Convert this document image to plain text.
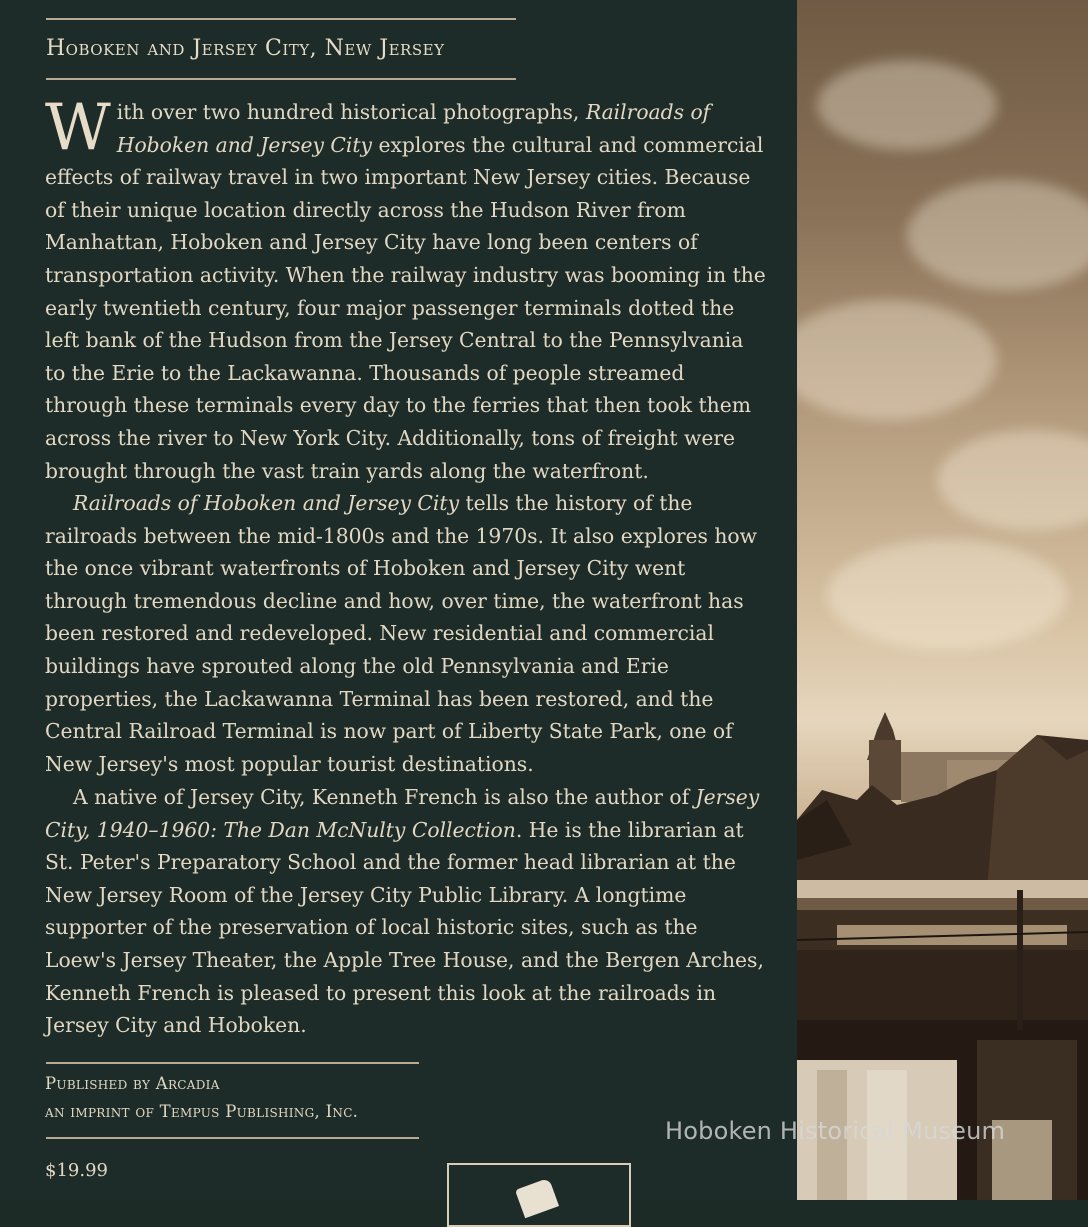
Hoboken and Jersey City, New Jersey
With over two hundred historical photographs, Railroads of Hoboken and Jersey City explores the cultural and commercial effects of railway travel in two important New Jersey cities. Because of their unique location directly across the Hudson River from Manhattan, Hoboken and Jersey City have long been centers of transportation activity. When the railway industry was booming in the early twentieth century, four major passenger terminals dotted the left bank of the Hudson from the Jersey Central to the Pennsylvania to the Erie to the Lackawanna. Thousands of people streamed through these terminals every day to the ferries that then took them across the river to New York City. Additionally, tons of freight were brought through the vast train yards along the waterfront.
Railroads of Hoboken and Jersey City tells the history of the railroads between the mid-1800s and the 1970s. It also explores how the once vibrant waterfronts of Hoboken and Jersey City went through tremendous decline and how, over time, the waterfront has been restored and redeveloped. New residential and commercial buildings have sprouted along the old Pennsylvania and Erie properties, the Lackawanna Terminal has been restored, and the Central Railroad Terminal is now part of Liberty State Park, one of New Jersey's most popular tourist destinations.
A native of Jersey City, Kenneth French is also the author of Jersey City, 1940–1960: The Dan McNulty Collection. He is the librarian at St. Peter's Preparatory School and the former head librarian at the New Jersey Room of the Jersey City Public Library. A longtime supporter of the preservation of local historic sites, such as the Loew's Jersey Theater, the Apple Tree House, and the Bergen Arches, Kenneth French is pleased to present this look at the railroads in Jersey City and Hoboken.
Published by Arcadia
an imprint of Tempus Publishing, Inc.
$19.99
Hoboken Historical Museum
